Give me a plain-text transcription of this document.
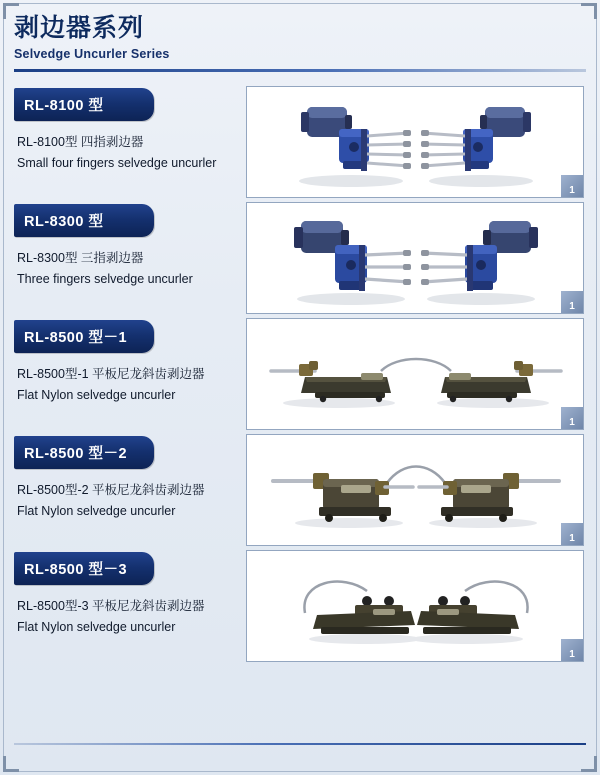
剥边器系列
Selvedge Uncurler Series
RL-8100 型
RL-8100型 四指剥边器
Small four fingers selvedge uncurler
1
RL-8300 型
RL-8300型 三指剥边器
Three fingers selvedge uncurler
1
RL-8500 型－1
RL-8500型-1 平板尼龙斜齿剥边器
Flat Nylon selvedge uncurler
1
RL-8500 型－2
RL-8500型-2 平板尼龙斜齿剥边器
Flat Nylon selvedge uncurler
1
RL-8500 型－3
RL-8500型-3 平板尼龙斜齿剥边器
Flat Nylon selvedge uncurler
1
